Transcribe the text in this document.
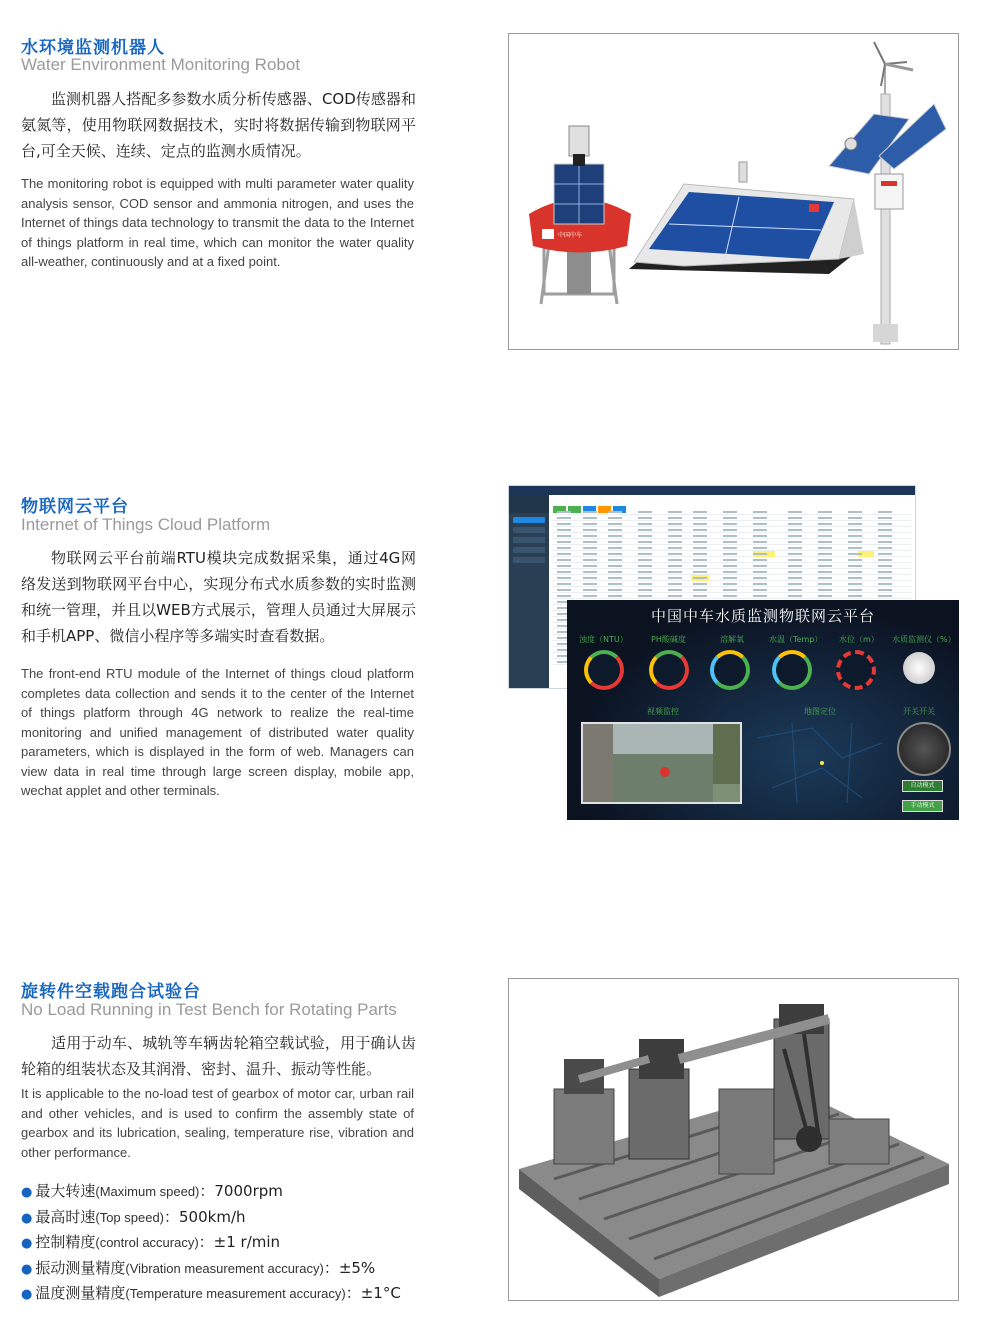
水环境监测机器人
Water Environment Monitoring Robot

监测机器人搭配多参数水质分析传感器、COD传感器和氨氮等，使用物联网数据技术，实时将数据传输到物联网平台,可全天候、连续、定点的监测水质情况。

The monitoring robot is equipped with multi parameter water quality analysis sensor, COD sensor and ammonia nitrogen, and uses the Internet of things data technology to transmit the data to the Internet of things platform in real time, which can monitor the water quality all-weather, continuously and at a fixed point.

中国中车
物联网云平台
Internet of Things Cloud Platform

物联网云平台前端RTU模块完成数据采集，通过4G网络发送到物联网平台中心，实现分布式水质参数的实时监测和统一管理，并且以WEB方式展示，管理人员通过大屏展示和手机APP、微信小程序等多端实时查看数据。

The front-end RTU module of the Internet of things cloud platform completes data collection and sends it to the center of the Internet of things platform through 4G network to realize the real-time monitoring and unified management of distributed water quality parameters, which is displayed in the form of web. Managers can view data in real time through large screen display, mobile app, wechat applet and other terminals.

中国中车水质监测物联网云平台
浊度（NTU）	PH酸碱度	溶解氧	水温（Temp） 水位（m） 水质监测仪（%）
视频监控	地图定位	开关开关
自动模式
手动模式
旋转件空载跑合试验台
No Load Running in Test Bench for Rotating Parts

适用于动车、城轨等车辆齿轮箱空载试验，用于确认齿轮箱的组装状态及其润滑、密封、温升、振动等性能。

It is applicable to the no-load test of gearbox of motor car, urban rail and other vehicles, and is used to confirm the assembly state of gearbox and its lubrication, sealing, temperature rise, vibration and other performance.

● 最大转速(Maximum speed)：7000rpm
● 最高时速(Top speed)：500km/h
● 控制精度(control accuracy)：±1 r/min
● 振动测量精度(Vibration measurement accuracy)：±5%
● 温度测量精度(Temperature measurement accuracy)：±1°C
